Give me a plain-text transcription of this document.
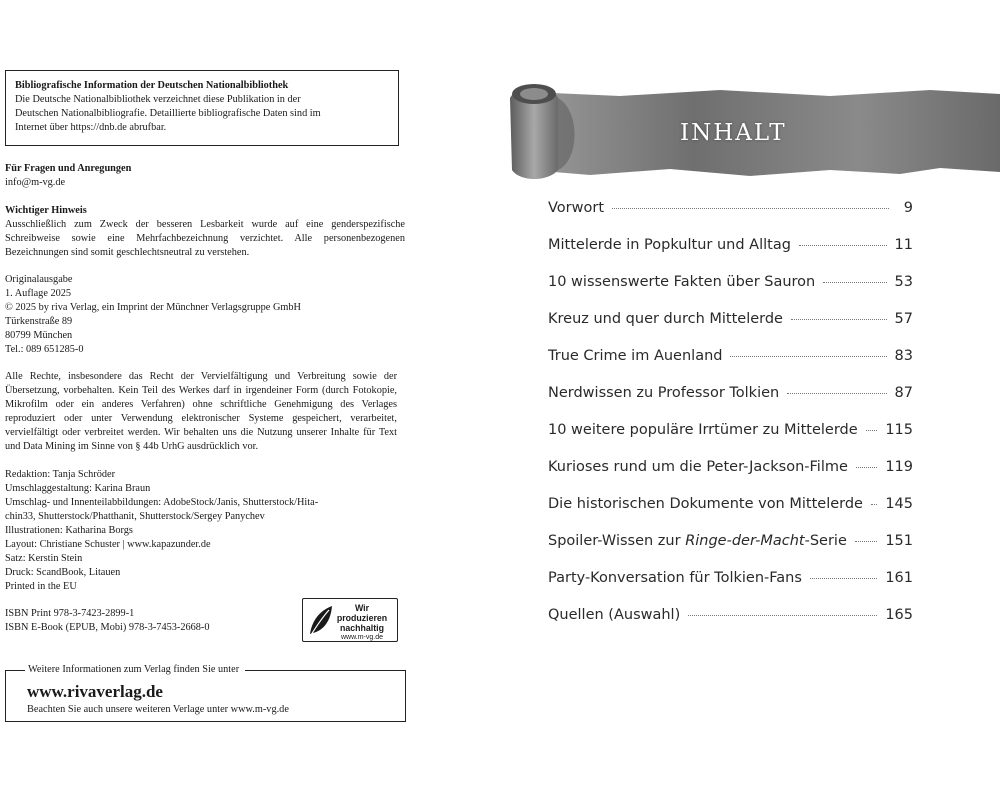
Bibliografische Information der Deutschen Nationalbibliothek
Die Deutsche Nationalbibliothek verzeichnet diese Publikation in der
Deutschen Nationalbibliografie. Detaillierte bibliografische Daten sind im
Internet über https://dnb.de abrufbar.
Für Fragen und Anregungen
info@m-vg.de
Wichtiger Hinweis
Ausschließlich zum Zweck der besseren Lesbarkeit wurde auf eine genderspezifische Schreibweise sowie eine Mehrfachbezeichnung verzichtet. Alle personenbezogenen Bezeichnungen sind somit geschlechtsneutral zu verstehen.
Originalausgabe
1. Auflage 2025
© 2025 by riva Verlag, ein Imprint der Münchner Verlagsgruppe GmbH
Türkenstraße 89
80799 München
Tel.: 089 651285-0
Alle Rechte, insbesondere das Recht der Vervielfältigung und Verbreitung sowie der Übersetzung, vorbehalten. Kein Teil des Werkes darf in irgendeiner Form (durch Fotokopie, Mikrofilm oder ein anderes Verfahren) ohne schriftliche Genehmigung des Verlages reproduziert oder unter Verwendung elektronischer Systeme gespeichert, verarbeitet, vervielfältigt oder verbreitet werden. Wir behalten uns die Nutzung unserer Inhalte für Text und Data Mining im Sinne von § 44b UrhG ausdrücklich vor.
Redaktion: Tanja Schröder
Umschlaggestaltung: Karina Braun
Umschlag- und Innenteilabbildungen: AdobeStock/Janis, Shutterstock/Hita-
chin33, Shutterstock/Phatthanit, Shutterstock/Sergey Panychev
Illustrationen: Katharina Borgs
Layout: Christiane Schuster | www.kapazunder.de
Satz: Kerstin Stein
Druck: ScandBook, Litauen
Printed in the EU
ISBN Print 978-3-7423-2899-1
ISBN E-Book (EPUB, Mobi) 978-3-7453-2668-0
Wir produzieren
nachhaltig
www.m-vg.de
Weitere Informationen zum Verlag finden Sie unter
www.rivaverlag.de
Beachten Sie auch unsere weiteren Verlage unter www.m-vg.de
INHALT
Vorwort	9
Mittelerde in Popkultur und Alltag	11
10 wissenswerte Fakten über Sauron	53
Kreuz und quer durch Mittelerde	57
True Crime im Auenland	83
Nerdwissen zu Professor Tolkien	87
10 weitere populäre Irrtümer zu Mittelerde 115
Kurioses rund um die Peter-Jackson-Filme	119
Die historischen Dokumente von Mittelerde 145
Spoiler-Wissen zur Ringe-der-Macht-Serie	151
Party-Konversation für Tolkien-Fans	161
Quellen (Auswahl)	165
